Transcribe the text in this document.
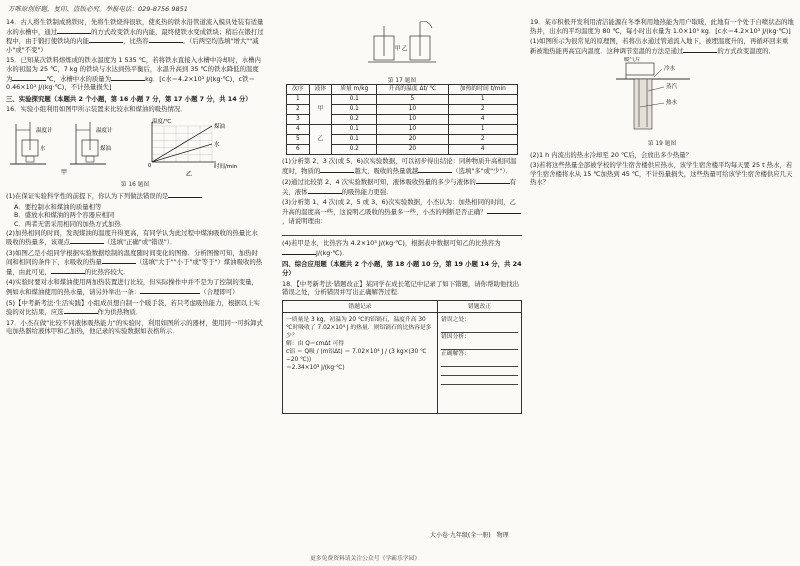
万唯原创好题，复印、盗版必究。举报电话：029-8756 9851

14．古人将生铁制成熟铁时，先将生铁烧得很软，使炙热的铁水沿管道流入模具处装有适量水的水槽中，通过	的方式改变铁水的内能，最终使铁水变成铁块；稍后在锻打过程中，由于锻打使铁块的内能	，比热容	。（后两空均选填"增大""减小"或"不变"）

15．已知某次铁料熔炼成的铁水温度为 1 535 ℃，若将铁水直接入水槽中冷却时，水槽内水的初温为 25 ℃，7 kg 的铁块与水达到热平衡后，水温升高到 35 ℃的铁水降低的温度为	℃，水槽中水的质量为	kg．[c水＝4.2×10³ J/(kg·℃)，c铁＝0.46×10³ J/(kg·℃)，不计热量损失]

三、实验探究题（本题共 2 个小题，第 16 小题 7 分，第 17 小题 7 分，共 14 分）

16．实验小组利用如图甲所示装置来比较水和煤油的吸热情况．

温度计
水
温度计
煤油
甲
0
煤油
水
温度/℃
时间/min
乙
第 16 题图

(1)在保证实验科学性的前提下，你认为下列做法错误的是

A．要控制水和煤油的质量相等
B．盛放水和煤油的两个容器应相同
C．两者无需采用相同的加热方式加热

(2)加热相同的时间，发现煤油的温度升得更高，有同学认为此过程中煤油吸收的热量比水吸收的热量多，该观点	（选填"正确"或"错误"）．

(3)如图乙是小组同学根据实验数据绘制的温度随时间变化的图像．分析图像可知，加热时间和相同的条件下，水吸收的热量	（选填"大于""小于"或"等于"）煤油吸收的热量，由此可见，	的比热容较大．

(4)实验时要对水和煤油使用两加热装置进行比较，但实际操作中并不是为了控制的变量，例如水和煤油使用的热水量，请另外举出一条：	（合理即可）

(5)【中考新考法·生活实践】小组成员想自制一个暖手袋，若只考虑吸热能力，根据以上实验的对比结果，应选	作为供热物质．

17．小杰在做"比较不同液体吸热能力"的实验时，利用如图所示的器材，使用同一可拆卸式电加热器给液体甲和乙加热，他记录的实验数据如表格所示．

甲 乙
第 17 题图
次序	液体	质量 m/kg	升高的温度 Δt/ ℃	加热的时间 t/min
1	甲	0.1	5	1
2		0.1	10	2
3		0.2	10	4
4	乙	0.1	10	1
5		0.1	20	2
6		0.2	20	4

(1)分析第 2、3 次(或 5、6)次实验数据，可以初步得出结论：同种物质升高相同温度时，物质的	越大，吸收的热量就越	（选填"多"或"少"）．

(2)通过比较第 2、4 次实验数据可知，液体吸收热量的多少与液体的	有关，液体	的吸热能力更强．

(3)分析第 1、4 次(或 2、5 或 3、6)次实验数据，小杰认为：加热相同的时间，乙升高的温度高一些，这说明乙吸收的热量多一些，小杰的判断是否正确？，请说明理由：

(4)若甲是水，比热容为 4.2×10³ J/(kg·℃)，根据表中数据可知乙的比热容为J/(kg·℃)．

四、综合应用题（本题共 2 个小题，第 18 小题 10 分，第 19 小题 14 分，共 24 分）

18．【中考新考法·错题改正】某同学在成长笔记中记录了如下错题，请你帮助他找出错误之处，分析错因并写出正确解答过程．

错题记录
一质量是 3 kg，初温为 20 ℃的铝锅石，温度升高 30 ℃时吸收了 7.02×10⁴ J 的热量．则铝锅石的比热容是多少？
解：由 Q＝cmΔt 可得
c铝 ＝ Q吸 / (m铝Δt) ＝ 7.02×10⁴ J / (3 kg×(30 ℃−20 ℃))
＝2.34×10³ J/(kg·℃)
错题改正
错误之处：
错因分析：
正确解答：

19．某市积极开发利用清洁能源在冬季利用地热能为用户取暖，此地有一个处于自喷状态的地热井，出水的平均温度为 80 ℃，每小时出水量为 1.0×10⁵ kg．[c水＝4.2×10³ J/(kg·℃)]

(1)如图所示为很常见的原理图，若将出水通过管道流入地下，被埋温度升的，再循环回来重新被地热能再高宜内温度．这种调节室温的方法是通过	的方式改变温度的．

暖气片
冷水
蒸汽
热水
第 19 题图

(2)1 h 内流出的热水冷却至 20 ℃后，会放出多少热量？

(3)若将这些热量全部被学校的学生宿舍楼供应热水，该学生宿舍楼平均每天要 25 t 热水，若学生宿舍楼将水从 15 ℃加热到 45 ℃，不计热量损失，这些热量可给该学生宿舍楼供应几天热水？

大小卷·九年级(全一册)　物理
更多免费资料请关注公众号《学霸乐学园》
